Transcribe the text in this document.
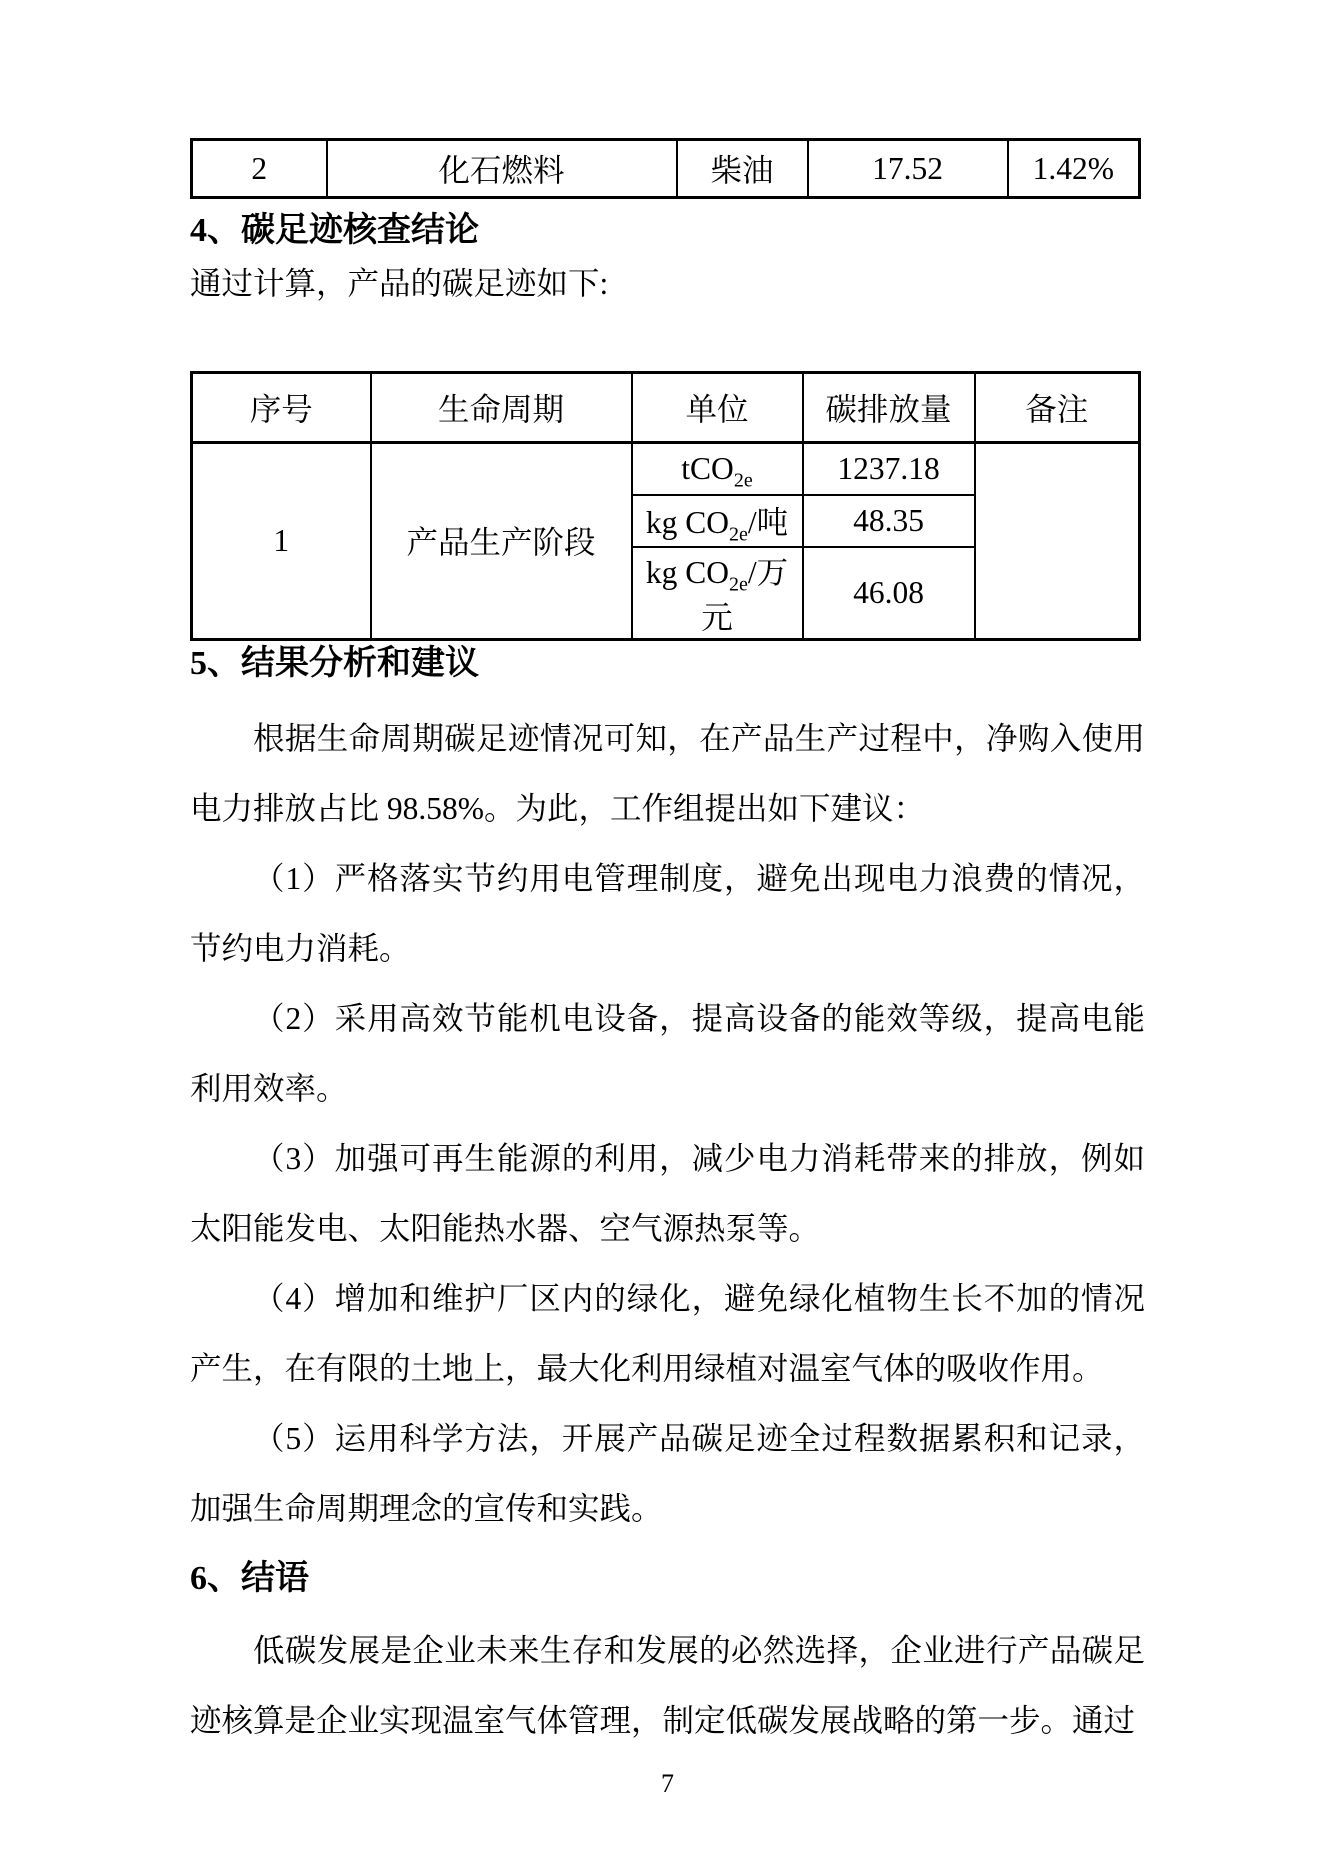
2	化石燃料	柴油	17.52	1.42%

4、碳足迹核查结论

通过计算，产品的碳足迹如下:

序号	生命周期	单位	碳排放量	备注
1	产品生产阶段	tCO$_{2e}$	1237.18	
		kg $CO_{2e}/$吨	48.35	
		kg $CO_{2e}/$万元	46.08	

5、结果分析和建议

根据生命周期碳足迹情况可知，在产品生产过程中，净购入使用电力排放占比 98.58%。为此，工作组提出如下建议：

（1）严格落实节约用电管理制度，避免出现电力浪费的情况，节约电力消耗。

（2）采用高效节能机电设备，提高设备的能效等级，提高电能利用效率。

（3）加强可再生能源的利用，减少电力消耗带来的排放，例如太阳能发电、太阳能热水器、空气源热泵等。

（4）增加和维护厂区内的绿化，避免绿化植物生长不加的情况产生，在有限的土地上，最大化利用绿植对温室气体的吸收作用。

（5）运用科学方法，开展产品碳足迹全过程数据累积和记录，加强生命周期理念的宣传和实践。

6、结语

低碳发展是企业未来生存和发展的必然选择，企业进行产品碳足迹核算是企业实现温室气体管理，制定低碳发展战略的第一步。通过

7
